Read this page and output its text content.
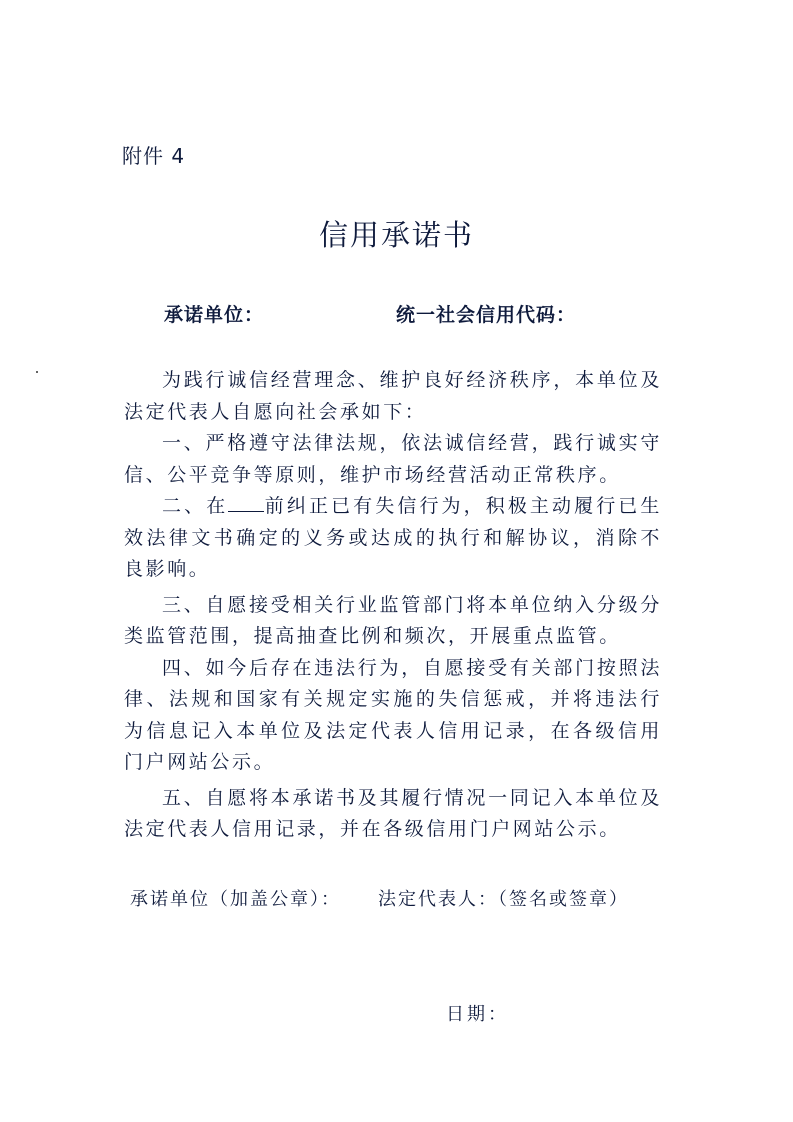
附件 4
信用承诺书
承诺单位：	统一社会信用代码：

为践行诚信经营理念、维护良好经济秩序，本单位及法定代表人自愿向社会承如下：

一、严格遵守法律法规，依法诚信经营，践行诚实守信、公平竞争等原则，维护市场经营活动正常秩序。

二、在 前纠正已有失信行为，积极主动履行已生效法律文书确定的义务或达成的执行和解协议，消除不良影响。

三、自愿接受相关行业监管部门将本单位纳入分级分类监管范围，提高抽查比例和频次，开展重点监管。

四、如今后存在违法行为，自愿接受有关部门按照法律、法规和国家有关规定实施的失信惩戒，并将违法行为信息记入本单位及法定代表人信用记录，在各级信用门户网站公示。

五、自愿将本承诺书及其履行情况一同记入本单位及法定代表人信用记录，并在各级信用门户网站公示。

承诺单位（加盖公章）： 法定代表人：（签名或签章）
日期：
